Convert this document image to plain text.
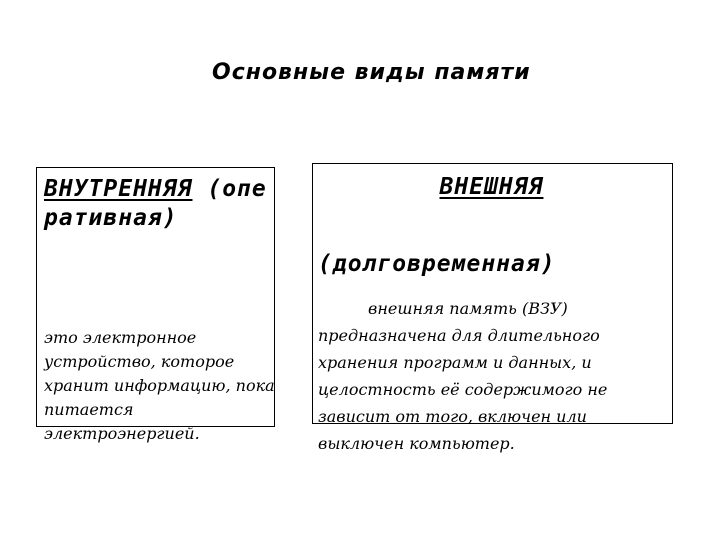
Основные виды памяти
ВНУТРЕННЯЯ (оперативная)

это электронное устройство, которое хранит информацию, пока питается электроэнергией.

ВНЕШНЯЯ
(долговременная)

внешняя память (ВЗУ) предназначена для длительного хранения программ и данных, и целостность её содержимого не зависит от того, включен или выключен компьютер.
